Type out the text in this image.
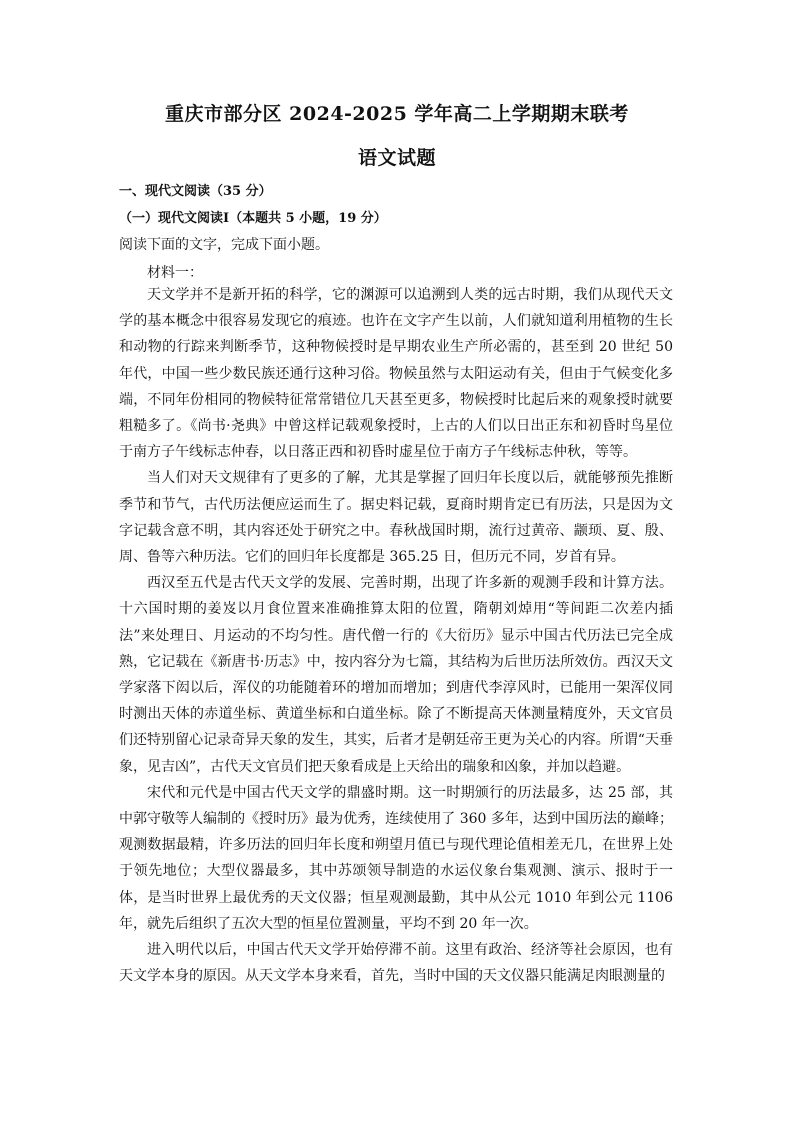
重庆市部分区 2024-2025 学年高二上学期期末联考
语文试题
一、现代文阅读（35 分）
（一）现代文阅读Ⅰ（本题共 5 小题，19 分）
阅读下面的文字，完成下面小题。
材料一：

天文学并不是新开拓的科学，它的渊源可以追溯到人类的远古时期，我们从现代天文学的基本概念中很容易发现它的痕迹。也许在文字产生以前，人们就知道利用植物的生长和动物的行踪来判断季节，这种物候授时是早期农业生产所必需的，甚至到 20 世纪 50 年代，中国一些少数民族还通行这种习俗。物候虽然与太阳运动有关，但由于气候变化多端，不同年份相同的物候特征常常错位几天甚至更多，物候授时比起后来的观象授时就要粗糙多了。《尚书·尧典》中曾这样记载观象授时，上古的人们以日出正东和初昏时鸟星位于南方子午线标志仲春，以日落正西和初昏时虚星位于南方子午线标志仲秋，等等。

当人们对天文规律有了更多的了解，尤其是掌握了回归年长度以后，就能够预先推断季节和节气，古代历法便应运而生了。据史料记载，夏商时期肯定已有历法，只是因为文字记载含意不明，其内容还处于研究之中。春秋战国时期，流行过黄帝、颛顼、夏、殷、周、鲁等六种历法。它们的回归年长度都是 365.25 日，但历元不同，岁首有异。

西汉至五代是古代天文学的发展、完善时期，出现了许多新的观测手段和计算方法。十六国时期的姜岌以月食位置来准确推算太阳的位置，隋朝刘焯用“等间距二次差内插法”来处理日、月运动的不均匀性。唐代僧一行的《大衍历》显示中国古代历法已完全成熟，它记载在《新唐书·历志》中，按内容分为七篇，其结构为后世历法所效仿。西汉天文学家落下闳以后，浑仪的功能随着环的增加而增加；到唐代李淳风时，已能用一架浑仪同时测出天体的赤道坐标、黄道坐标和白道坐标。除了不断提高天体测量精度外，天文官员们还特别留心记录奇异天象的发生，其实，后者才是朝廷帝王更为关心的内容。所谓“天垂象，见吉凶”，古代天文官员们把天象看成是上天给出的瑞象和凶象，并加以趋避。

宋代和元代是中国古代天文学的鼎盛时期。这一时期颁行的历法最多，达 25 部，其中郭守敬等人编制的《授时历》最为优秀，连续使用了 360 多年，达到中国历法的巅峰；观测数据最精，许多历法的回归年长度和朔望月值已与现代理论值相差无几，在世界上处于领先地位；大型仪器最多，其中苏颂领导制造的水运仪象台集观测、演示、报时于一体，是当时世界上最优秀的天文仪器；恒星观测最勤，其中从公元 1010 年到公元 1106 年，就先后组织了五次大型的恒星位置测量，平均不到 20 年一次。

进入明代以后，中国古代天文学开始停滞不前。这里有政治、经济等社会原因，也有天文学本身的原因。从天文学本身来看，首先，当时中国的天文仪器只能满足肉眼测量的
